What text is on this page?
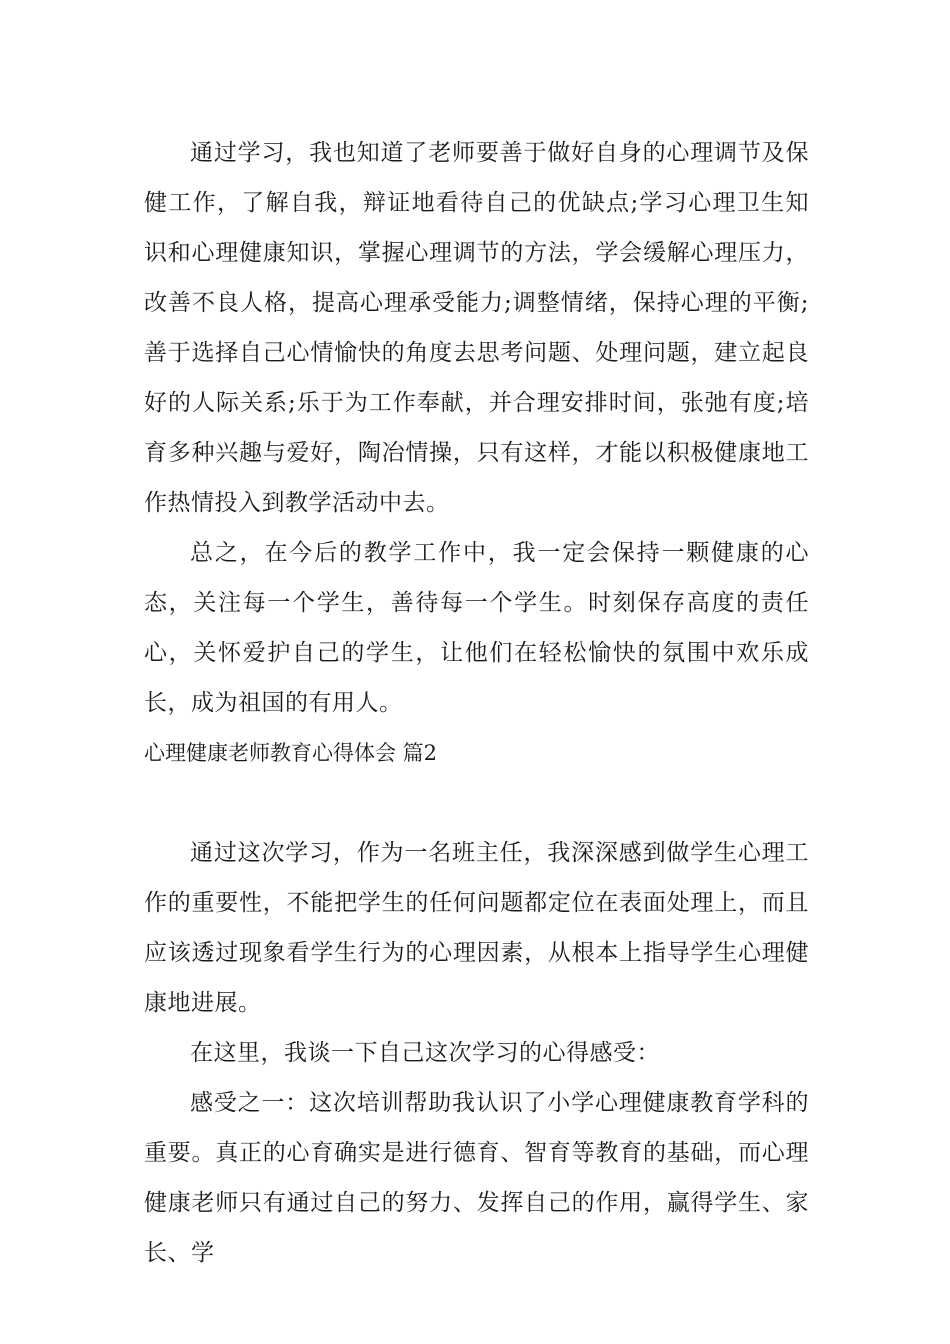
通过学习，我也知道了老师要善于做好自身的心理调节及保健工作，了解自我，辩证地看待自己的优缺点;学习心理卫生知识和心理健康知识，掌握心理调节的方法，学会缓解心理压力，改善不良人格，提高心理承受能力;调整情绪，保持心理的平衡;善于选择自己心情愉快的角度去思考问题、处理问题，建立起良好的人际关系;乐于为工作奉献，并合理安排时间，张弛有度;培育多种兴趣与爱好，陶冶情操，只有这样，才能以积极健康地工作热情投入到教学活动中去。

总之，在今后的教学工作中，我一定会保持一颗健康的心态，关注每一个学生，善待每一个学生。时刻保存高度的责任心，关怀爱护自己的学生，让他们在轻松愉快的氛围中欢乐成长，成为祖国的有用人。

心理健康老师教育心得体会 篇2

通过这次学习，作为一名班主任，我深深感到做学生心理工作的重要性，不能把学生的任何问题都定位在表面处理上，而且应该透过现象看学生行为的心理因素，从根本上指导学生心理健康地进展。

在这里，我谈一下自己这次学习的心得感受：

感受之一：这次培训帮助我认识了小学心理健康教育学科的重要。真正的心育确实是进行德育、智育等教育的基础，而心理健康老师只有通过自己的努力、发挥自己的作用，赢得学生、家长、学
